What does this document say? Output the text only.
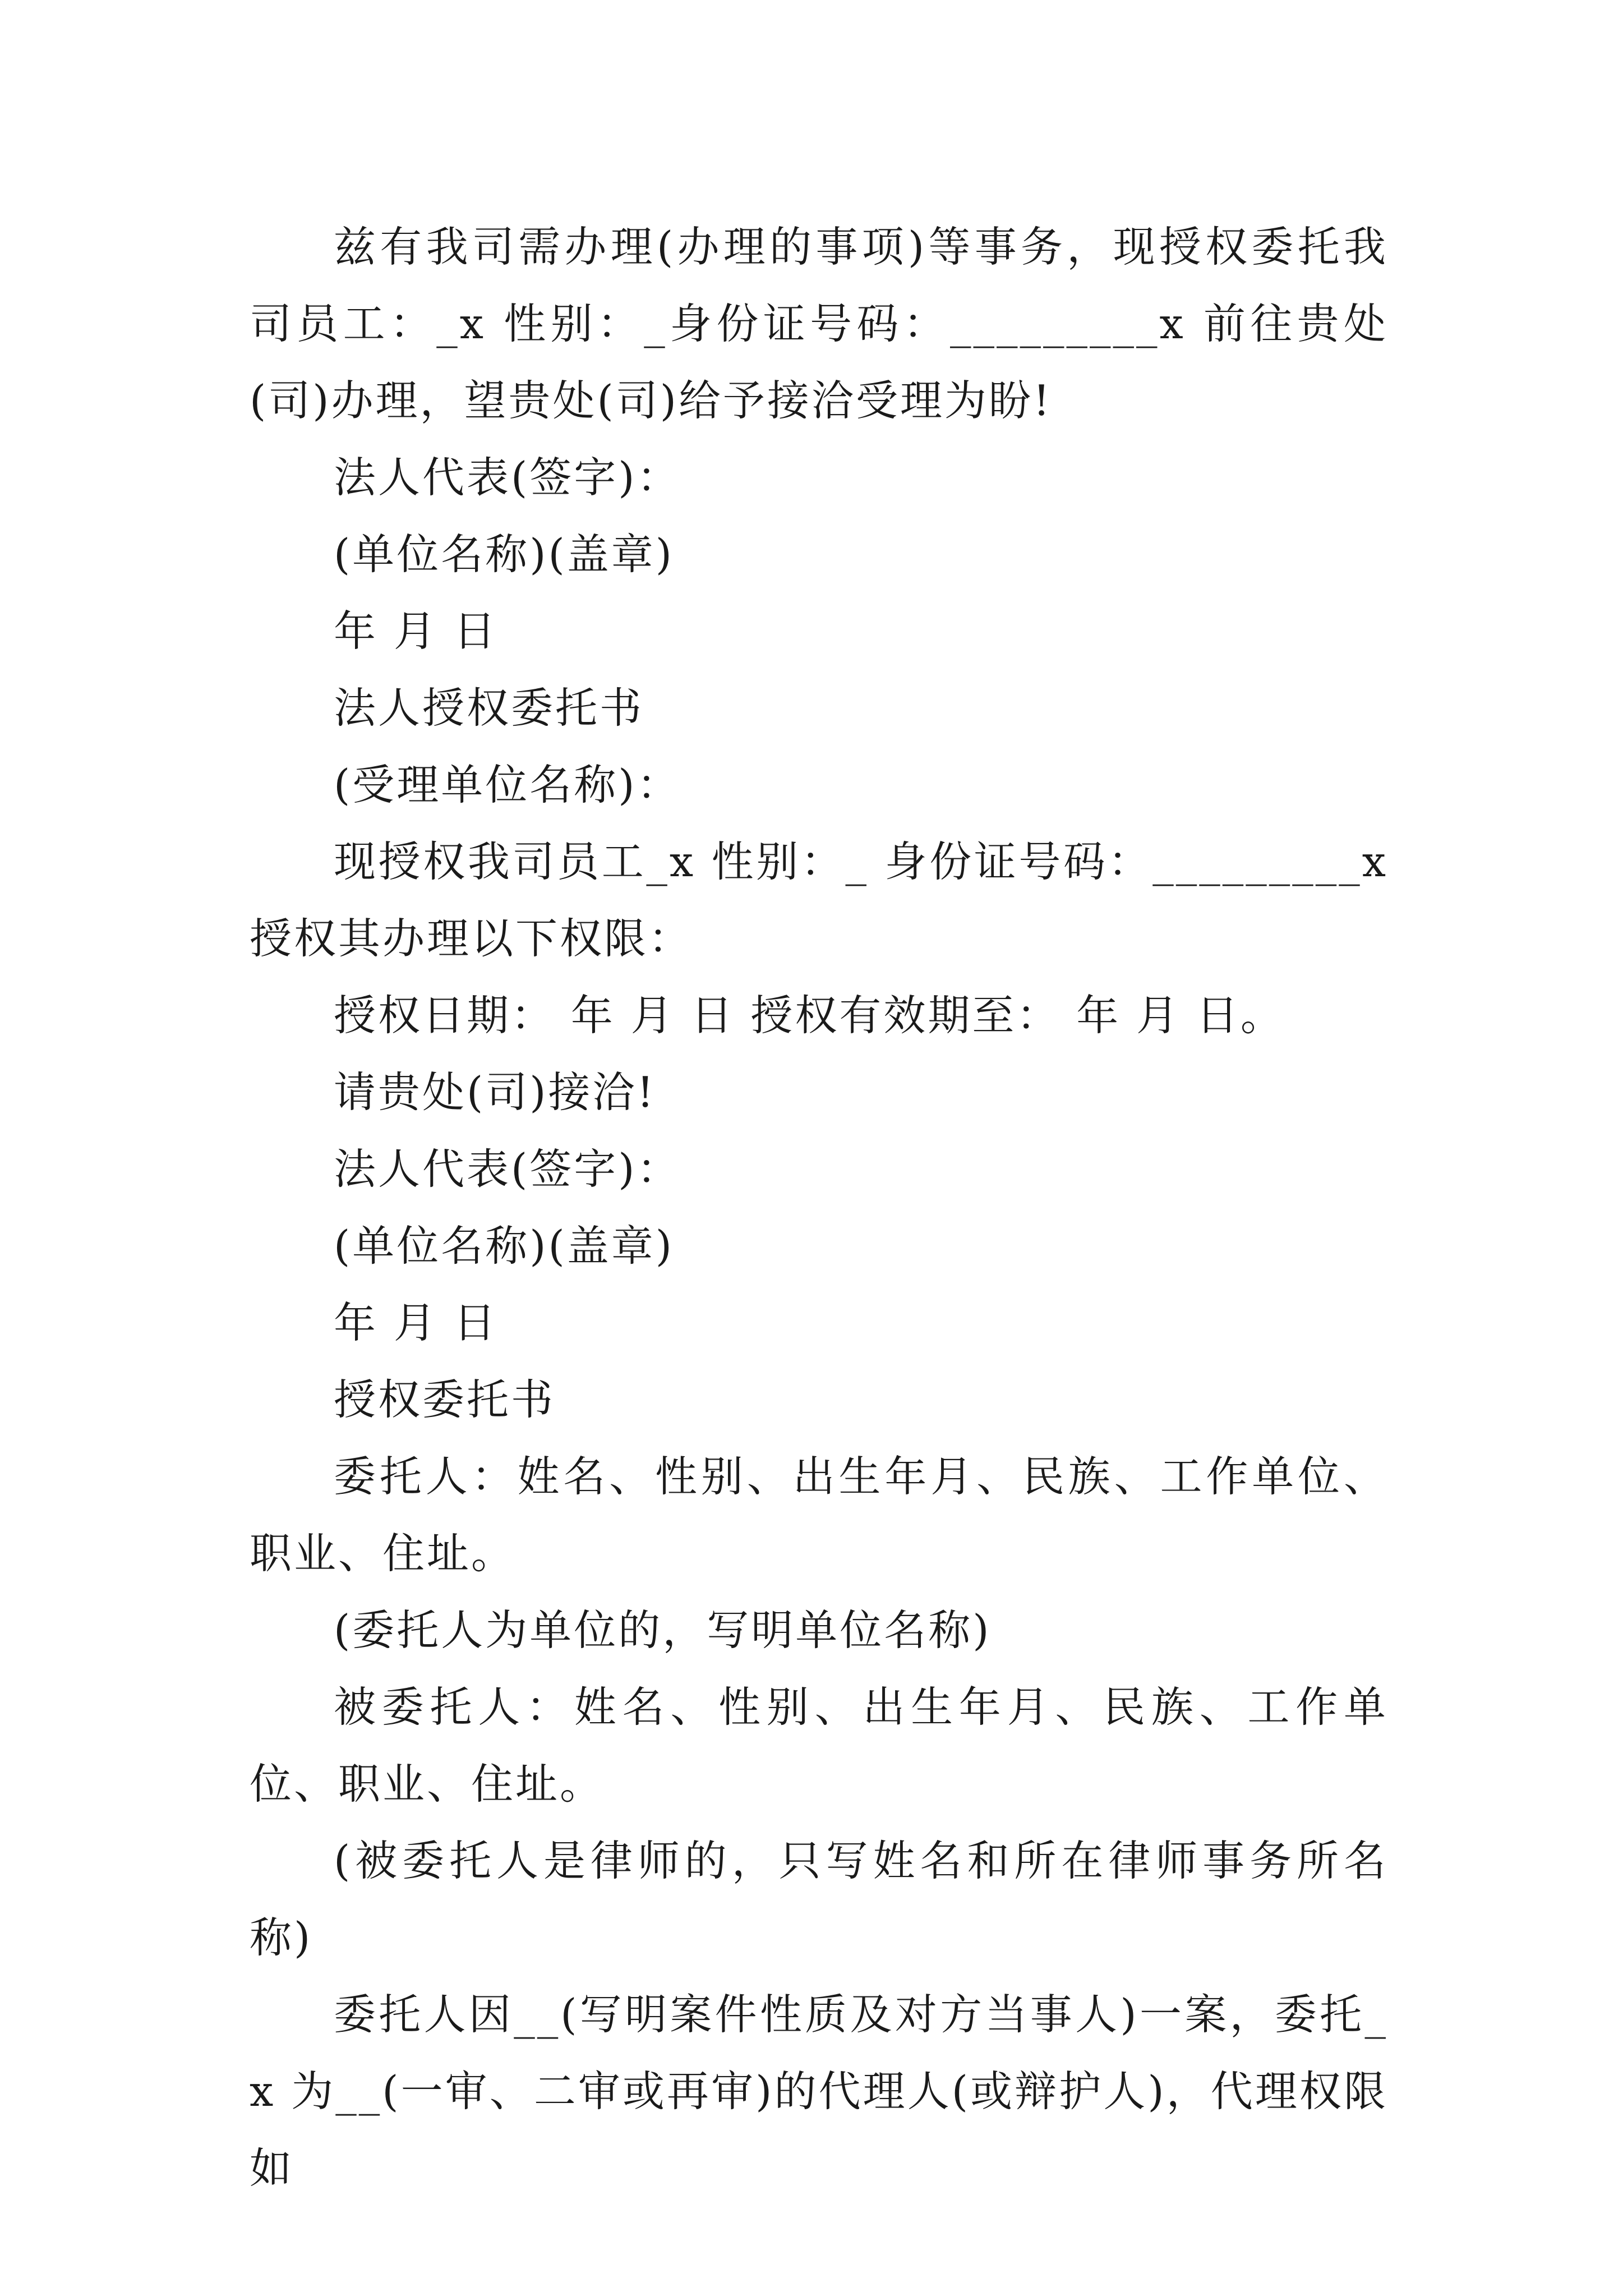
兹有我司需办理(办理的事项)等事务，现授权委托我司员工：_x 性别：_身份证号码：_________x 前往贵处(司)办理，望贵处(司)给予接洽受理为盼!

法人代表(签字)：

(单位名称)(盖章)

年 月 日

法人授权委托书

(受理单位名称)：

现授权我司员工_x 性别：_ 身份证号码：_________x 授权其办理以下权限：

授权日期： 年 月 日 授权有效期至： 年 月 日。

请贵处(司)接洽!

法人代表(签字)：

(单位名称)(盖章)

年 月 日

授权委托书

委托人：姓名、性别、出生年月、民族、工作单位、职业、住址。

(委托人为单位的，写明单位名称)

被委托人：姓名、性别、出生年月、民族、工作单位、职业、住址。

(被委托人是律师的，只写姓名和所在律师事务所名称)

委托人因__(写明案件性质及对方当事人)一案，委托_x 为__(一审、二审或再审)的代理人(或辩护人)，代理权限如
